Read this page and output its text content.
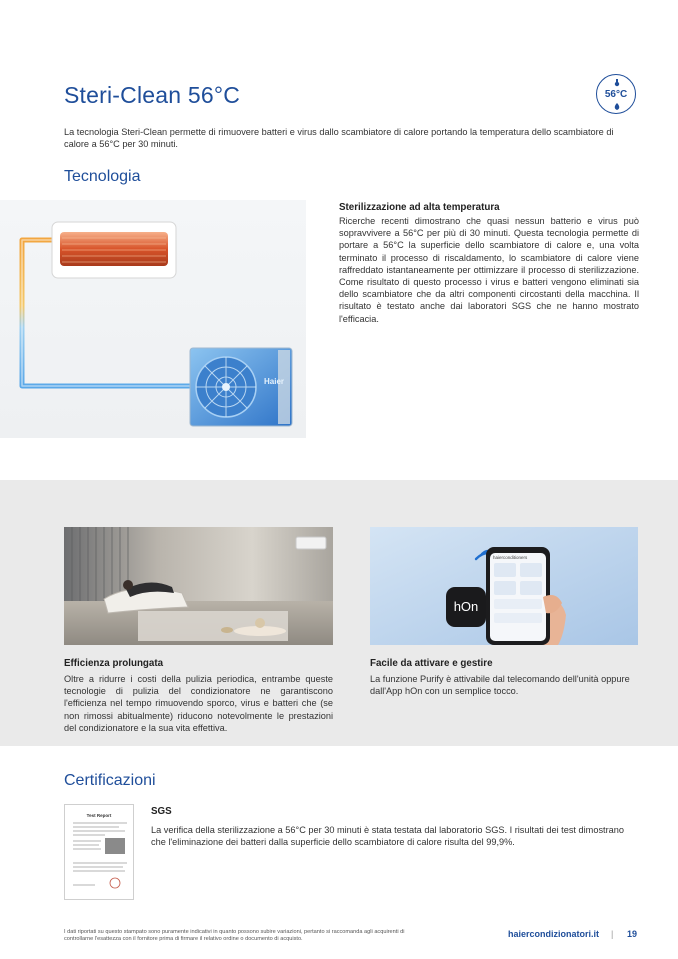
Steri-Clean 56°C	56°C

La tecnologia Steri-Clean permette di rimuovere batteri e virus dallo scambiatore di calore portando la temperatura dello scambiatore di calore a 56°C per 30 minuti.

Tecnologia
Haier
Sterilizzazione ad alta temperatura

Ricerche recenti dimostrano che quasi nessun batterio e virus può sopravvivere a 56°C per più di 30 minuti. Questa tecnologia permette di portare a 56°C la superficie dello scambiatore di calore e, una volta terminato il processo di riscaldamento, lo scambiatore di calore viene raffreddato istantaneamente per ottimizzare il processo di sterilizzazione. Come risultato di questo processo i virus e batteri vengono eliminati sia dello scambiatore che da altri componenti circostanti della macchina. Il risultato è testato anche dai laboratori SGS che ne hanno mostrato l'efficacia.

haierconditioners
hOn
Efficienza prolungata

Oltre a ridurre i costi della pulizia periodica, entrambe queste tecnologie di pulizia del condizionatore ne garantiscono l'efficienza nel tempo rimuovendo sporco, virus e batteri che (se non rimossi abitualmente) riducono notevolmente le prestazioni del condizionatore e la sua vita effettiva.

Facile da attivare e gestire

La funzione Purify è attivabile dal telecomando dell'unità oppure dall'App hOn con un semplice tocco.

Certificazioni
Test Report	SGS

La verifica della sterilizzazione a 56°C per 30 minuti è stata testata dal laboratorio SGS. I risultati dei test dimostrano che l'eliminazione dei batteri dalla superficie dello scambiatore di calore risulta del 99,9%.

I dati riportati su questo stampato sono puramente indicativi in quanto possono subire variazioni, pertanto si raccomanda agli acquirenti di controllarne l'esattezza con il fornitore prima di firmare il relativo ordine o documento di acquisto.	haiercondizionatori.it | 19
